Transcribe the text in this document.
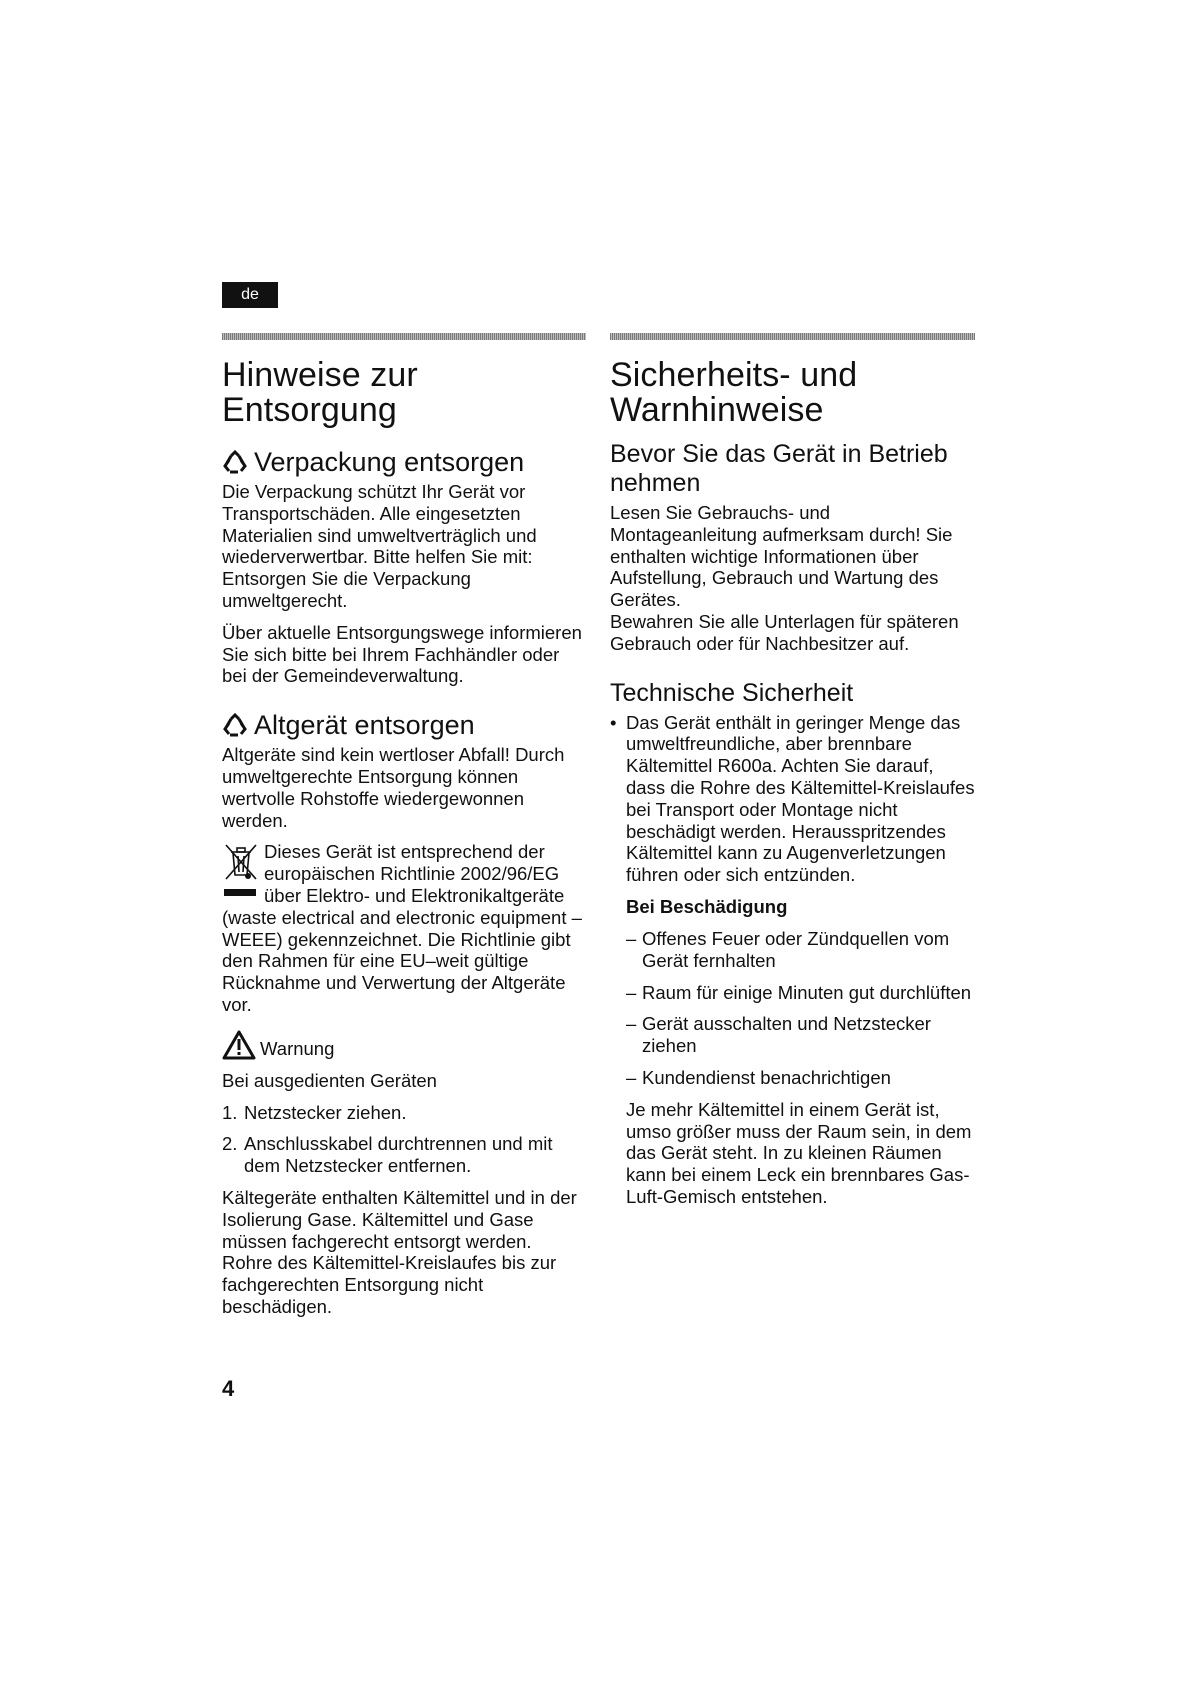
de
Hinweise zur Entsorgung
Verpackung entsorgen

Die Verpackung schützt Ihr Gerät vor Transportschäden. Alle eingesetzten Materialien sind umweltverträglich und wiederverwertbar. Bitte helfen Sie mit: Entsorgen Sie die Verpackung umweltgerecht.

Über aktuelle Entsorgungswege informieren Sie sich bitte bei Ihrem Fachhändler oder bei der Gemeindeverwaltung.

Altgerät entsorgen

Altgeräte sind kein wertloser Abfall! Durch umweltgerechte Entsorgung können wertvolle Rohstoffe wiedergewonnen werden.

Dieses Gerät ist entsprechend der europäischen Richtlinie 2002/96/EG über Elektro- und Elektronikaltgeräte (waste electrical and electronic equipment – WEEE) gekennzeichnet. Die Richtlinie gibt den Rahmen für eine EU–weit gültige Rücknahme und Verwertung der Altgeräte vor.

Warnung

Bei ausgedienten Geräten

1. Netzstecker ziehen.
2. Anschlusskabel durchtrennen und mit dem Netzstecker entfernen.

Kältegeräte enthalten Kältemittel und in der Isolierung Gase. Kältemittel und Gase müssen fachgerecht entsorgt werden. Rohre des Kältemittel-Kreislaufes bis zur fachgerechten Entsorgung nicht beschädigen.

Sicherheits- und Warnhinweise
Bevor Sie das Gerät in Betrieb nehmen

Lesen Sie Gebrauchs- und Montageanleitung aufmerksam durch! Sie enthalten wichtige Informationen über Aufstellung, Gebrauch und Wartung des Gerätes.

Bewahren Sie alle Unterlagen für späteren Gebrauch oder für Nachbesitzer auf.

Technische Sicherheit
• Das Gerät enthält in geringer Menge das umweltfreundliche, aber brennbare Kältemittel R600a. Achten Sie darauf, dass die Rohre des Kältemittel-Kreislaufes bei Transport oder Montage nicht beschädigt werden. Herausspritzendes Kältemittel kann zu Augenverletzungen führen oder sich entzünden.
Bei Beschädigung
– Offenes Feuer oder Zündquellen vom Gerät fernhalten
– Raum für einige Minuten gut durchlüften
– Gerät ausschalten und Netzstecker ziehen
– Kundendienst benachrichtigen

Je mehr Kältemittel in einem Gerät ist, umso größer muss der Raum sein, in dem das Gerät steht. In zu kleinen Räumen kann bei einem Leck ein brennbares Gas-Luft-Gemisch entstehen.

4
